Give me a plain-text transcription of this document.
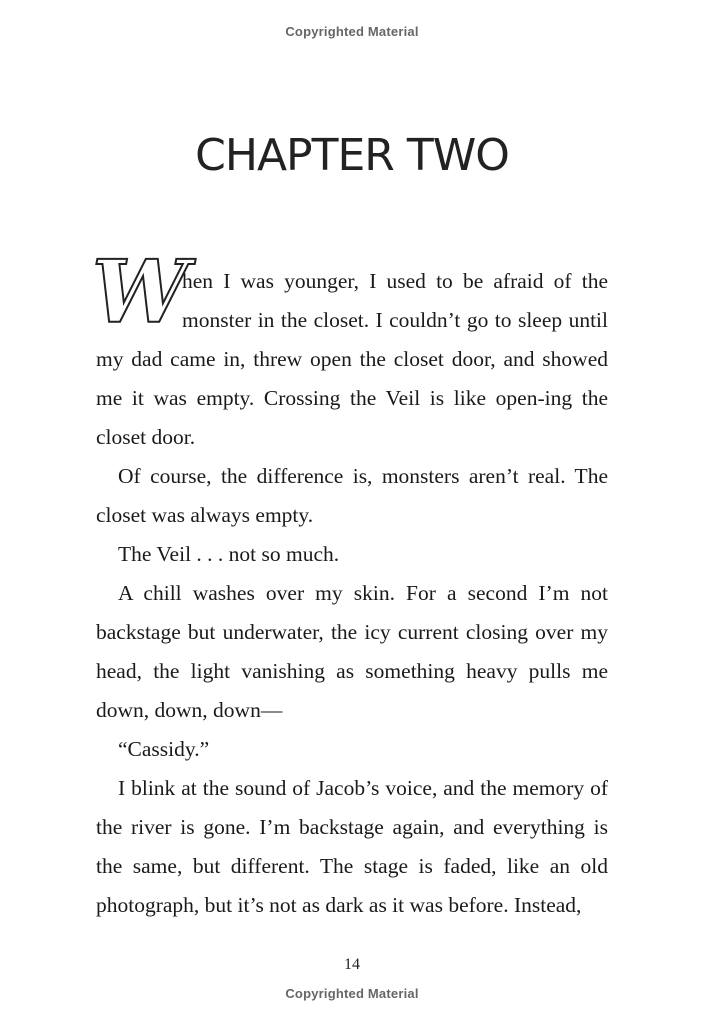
Copyrighted Material
CHAPTER TWO

W
hen I was younger, I used to be afraid of the monster in the closet. I couldn’t go to sleep until my dad came in, threw open the closet door, and showed me it was empty. Crossing the Veil is like open-ing the closet door.

Of course, the difference is, monsters aren’t real. The closet was always empty.

The Veil . . . not so much.

A chill washes over my skin. For a second I’m not backstage but underwater, the icy current closing over my head, the light vanishing as something heavy pulls me down, down, down—

“Cassidy.”

I blink at the sound of Jacob’s voice, and the memory of the river is gone. I’m backstage again, and everything is the same, but different. The stage is faded, like an old photograph, but it’s not as dark as it was before. Instead,

14
Copyrighted Material
